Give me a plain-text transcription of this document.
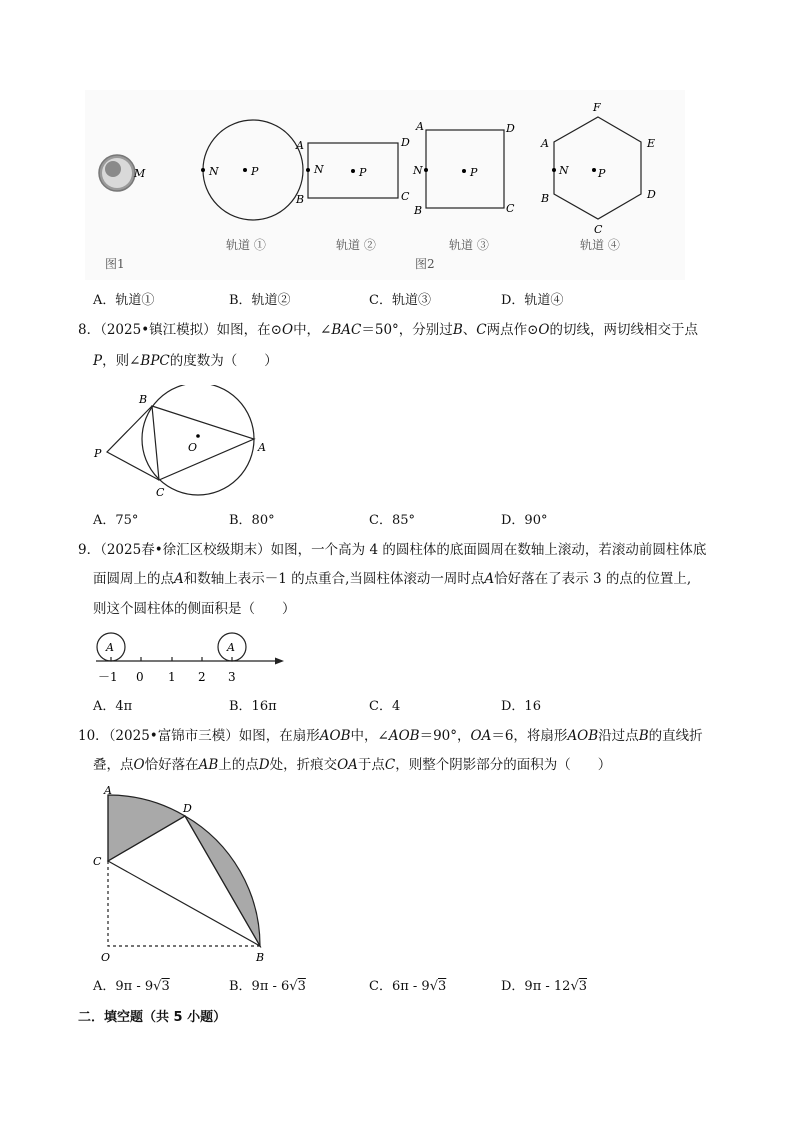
M	N	P
A
B
D
C
N	P
A
B
D
C
N	P
F
E
D
C
A
B
N	P
轨道 ①	轨道 ②	轨道 ③	轨道 ④
图1	图2
A．轨道①	B．轨道②	C．轨道③	D．轨道④
8．（2025•镇江模拟）如图，在⊙O中，∠BAC＝50°，分别过B、C两点作⊙O的切线，两切线相交于点
P，则∠BPC的度数为（　　）
B
O	A
P
C
A．75°	B．80°	C．85°	D．90°
9．（2025春•徐汇区校级期末）如图，一个高为 4 的圆柱体的底面圆周在数轴上滚动，若滚动前圆柱体底
面圆周上的点A和数轴上表示－1 的点重合,当圆柱体滚动一周时点A恰好落在了表示 3 的点的位置上,
则这个圆柱体的侧面积是（　　）
A	A
－1 0 1 2 3
A．4π	B．16π	C．4	D．16
10．（2025•富锦市三模）如图，在扇形AOB中，∠AOB＝90°，OA＝6，将扇形AOB沿过点B的直线折
叠，点O恰好落在AB上的点D处，折痕交OA于点C，则整个阴影部分的面积为（　　）
A
D
C
O	B
A．9π - 9√3	B．9π - 6√3	C．6π - 9√3	D．9π - 12√3
二．填空题（共 5 小题）
